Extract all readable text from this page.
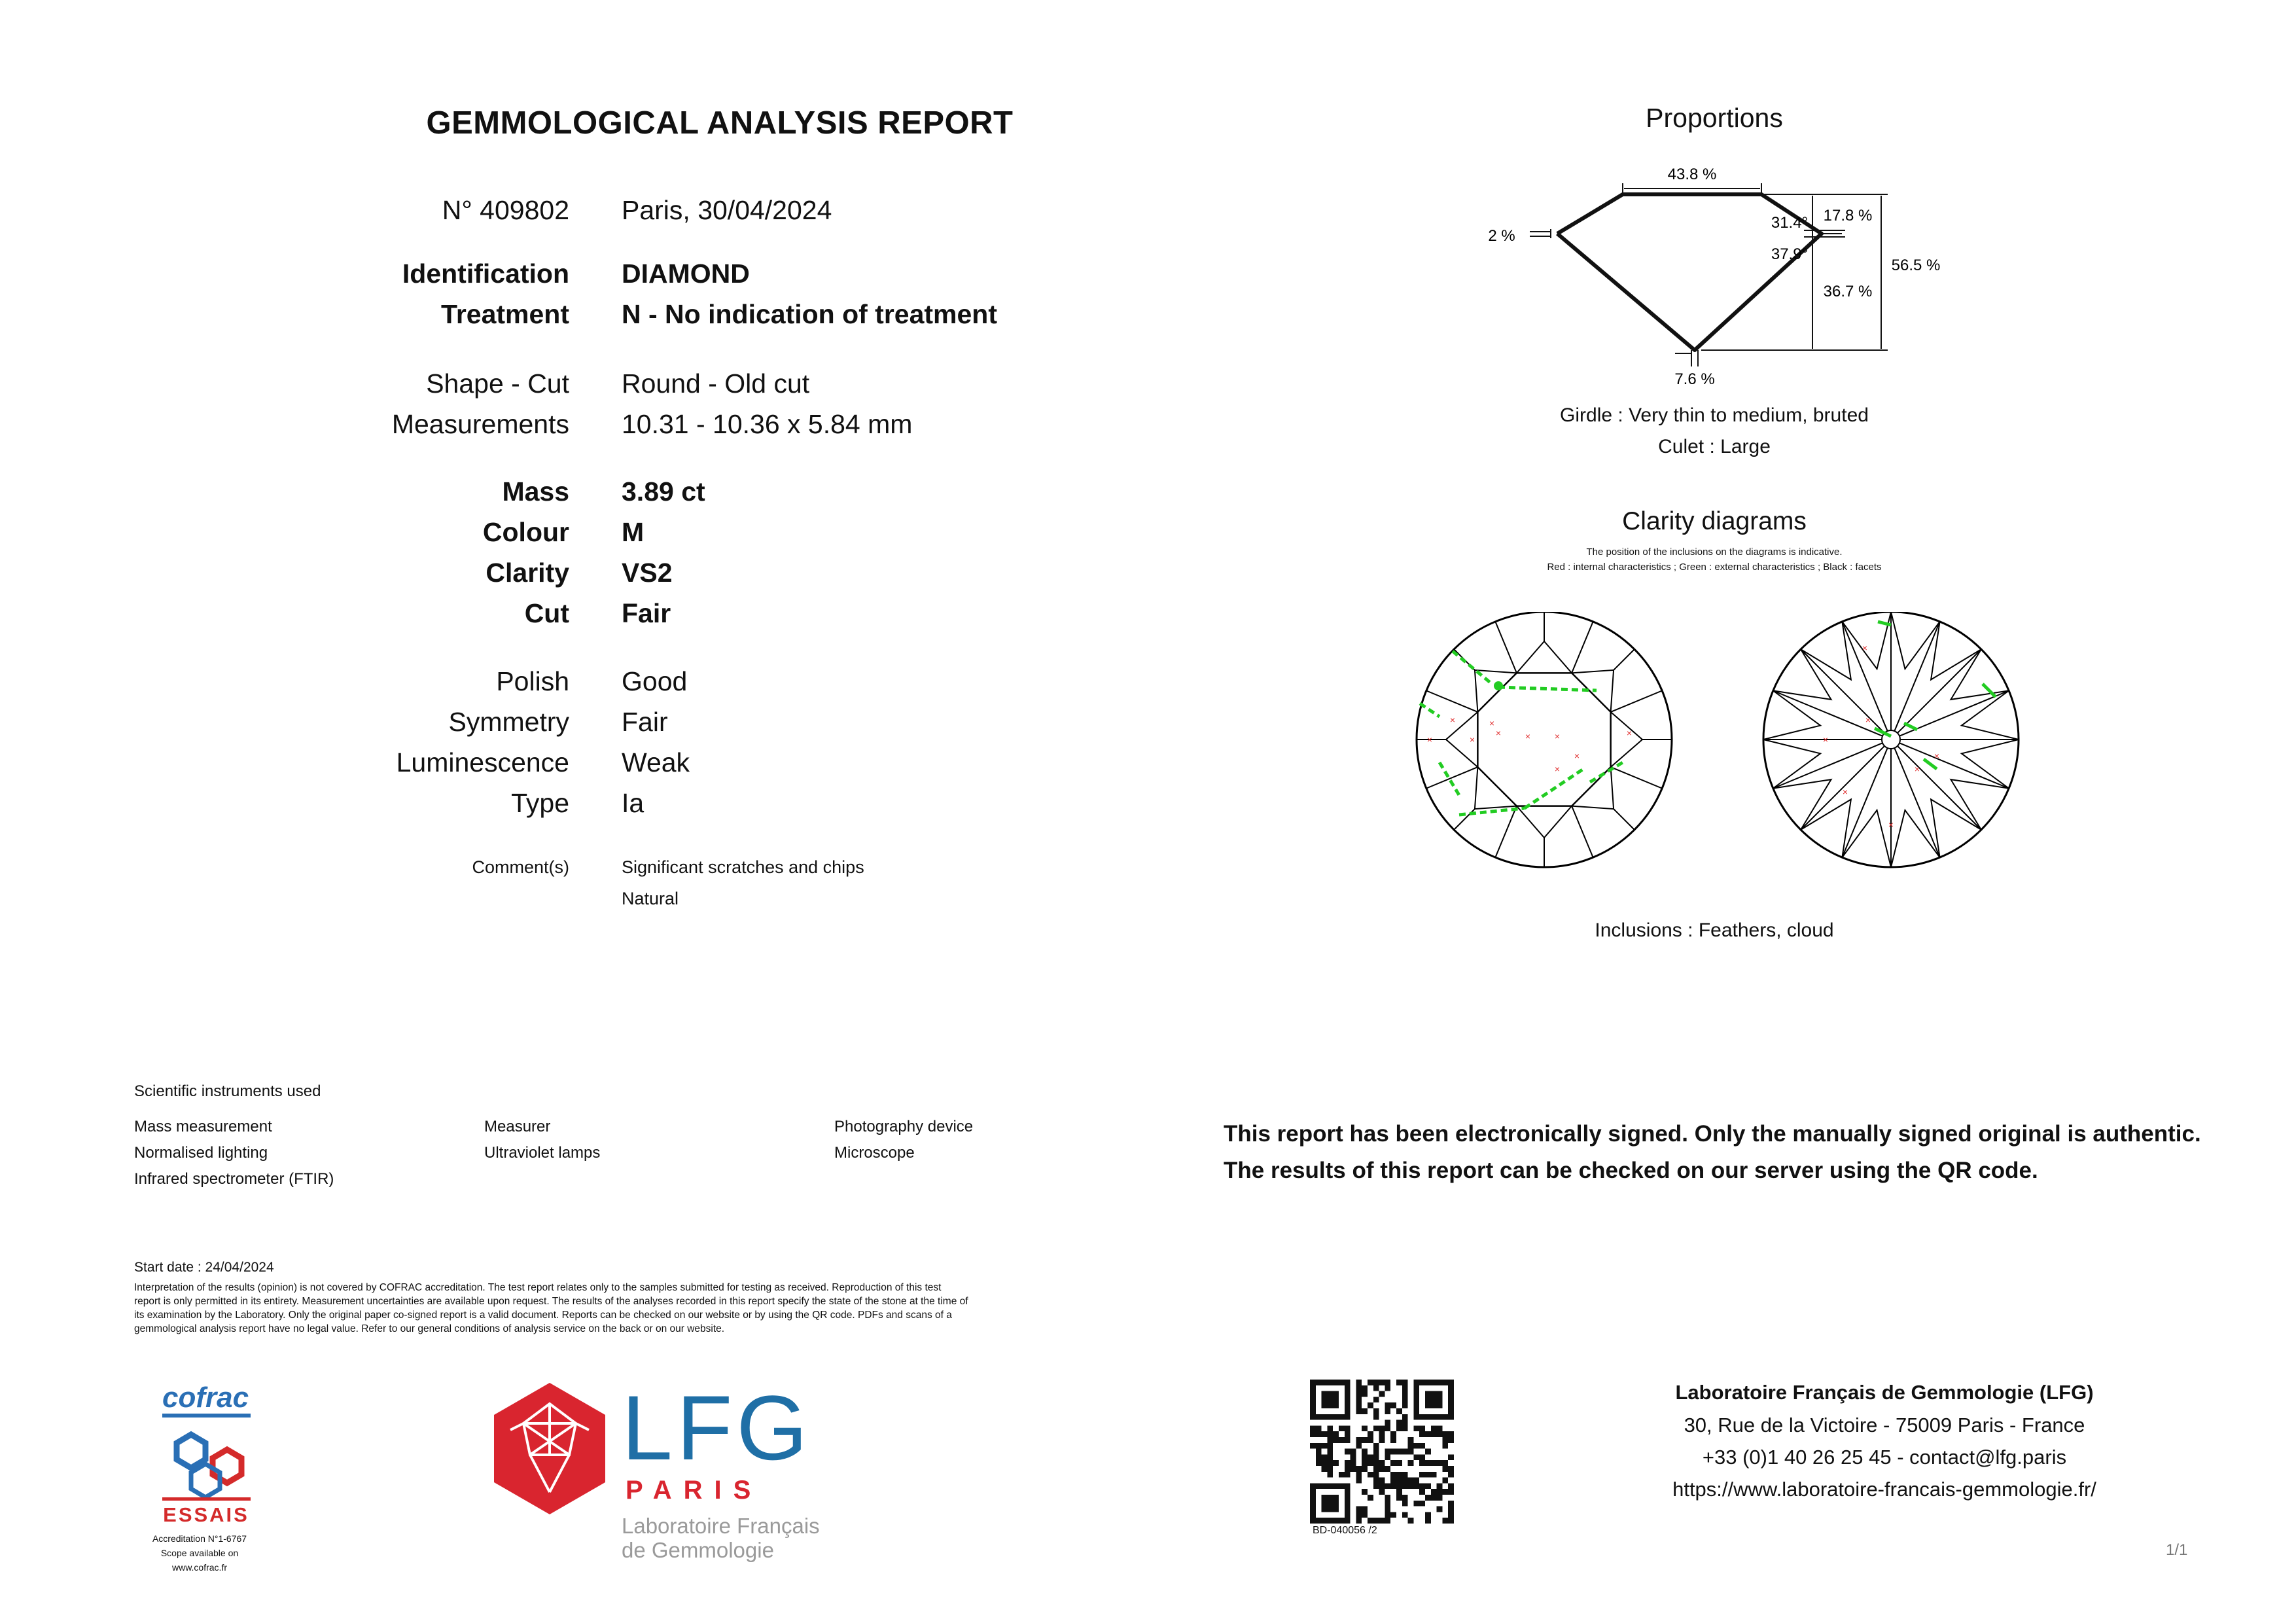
GEMMOLOGICAL ANALYSIS REPORT
N° 409802 Paris, 30/04/2024
Identification DIAMOND
Treatment N - No indication of treatment
Shape - Cut Round - Old cut
Measurements 10.31 - 10.36 x 5.84 mm
Mass 3.89 ct
Colour M
Clarity VS2
Cut Fair
Polish Good
Symmetry Fair
Luminescence Weak
Type Ia
Comment(s)	Significant scratches and chips
Natural
Proportions
43.8 %
2 %
31.4°
37.9°
17.8 %
36.7 %
56.5 %
7.6 %
Girdle : Very thin to medium, bruted
Culet : Large
Clarity diagrams
The position of the inclusions on the diagrams is indicative.
Red : internal characteristics ; Green : external characteristics ; Black : facets
×
×	×	×
×
×
×
×
×
×
×
×
×
×
×
×
×
Inclusions : Feathers, cloud
Scientific instruments used
Mass measurement
Normalised lighting
Infrared spectrometer (FTIR)
Measurer
Ultraviolet lamps
Photography device
Microscope
This report has been electronically signed. Only the manually signed original is authentic.
The results of this report can be checked on our server using the QR code.
Start date : 24/04/2024
Interpretation of the results (opinion) is not covered by COFRAC accreditation. The test report relates only to the samples submitted for testing as received. Reproduction of this test
report is only permitted in its entirety. Measurement uncertainties are available upon request. The results of the analyses recorded in this report specify the state of the stone at the time of
its examination by the Laboratory. Only the original paper co-signed report is a valid document. Reports can be checked on our website or by using the QR code. PDFs and scans of a
gemmological analysis report have no legal value. Refer to our general conditions of analysis service on the back or on our website.
cofrac
ESSAIS
Accreditation N°1-6767
Scope available on
www.cofrac.fr
LFG
PARIS
Laboratoire Français
de Gemmologie
BD-040056 /2
Laboratoire Français de Gemmologie (LFG)
30, Rue de la Victoire - 75009 Paris - France
+33 (0)1 40 26 25 45 - contact@lfg.paris
https://www.laboratoire-francais-gemmologie.fr/
1/1
